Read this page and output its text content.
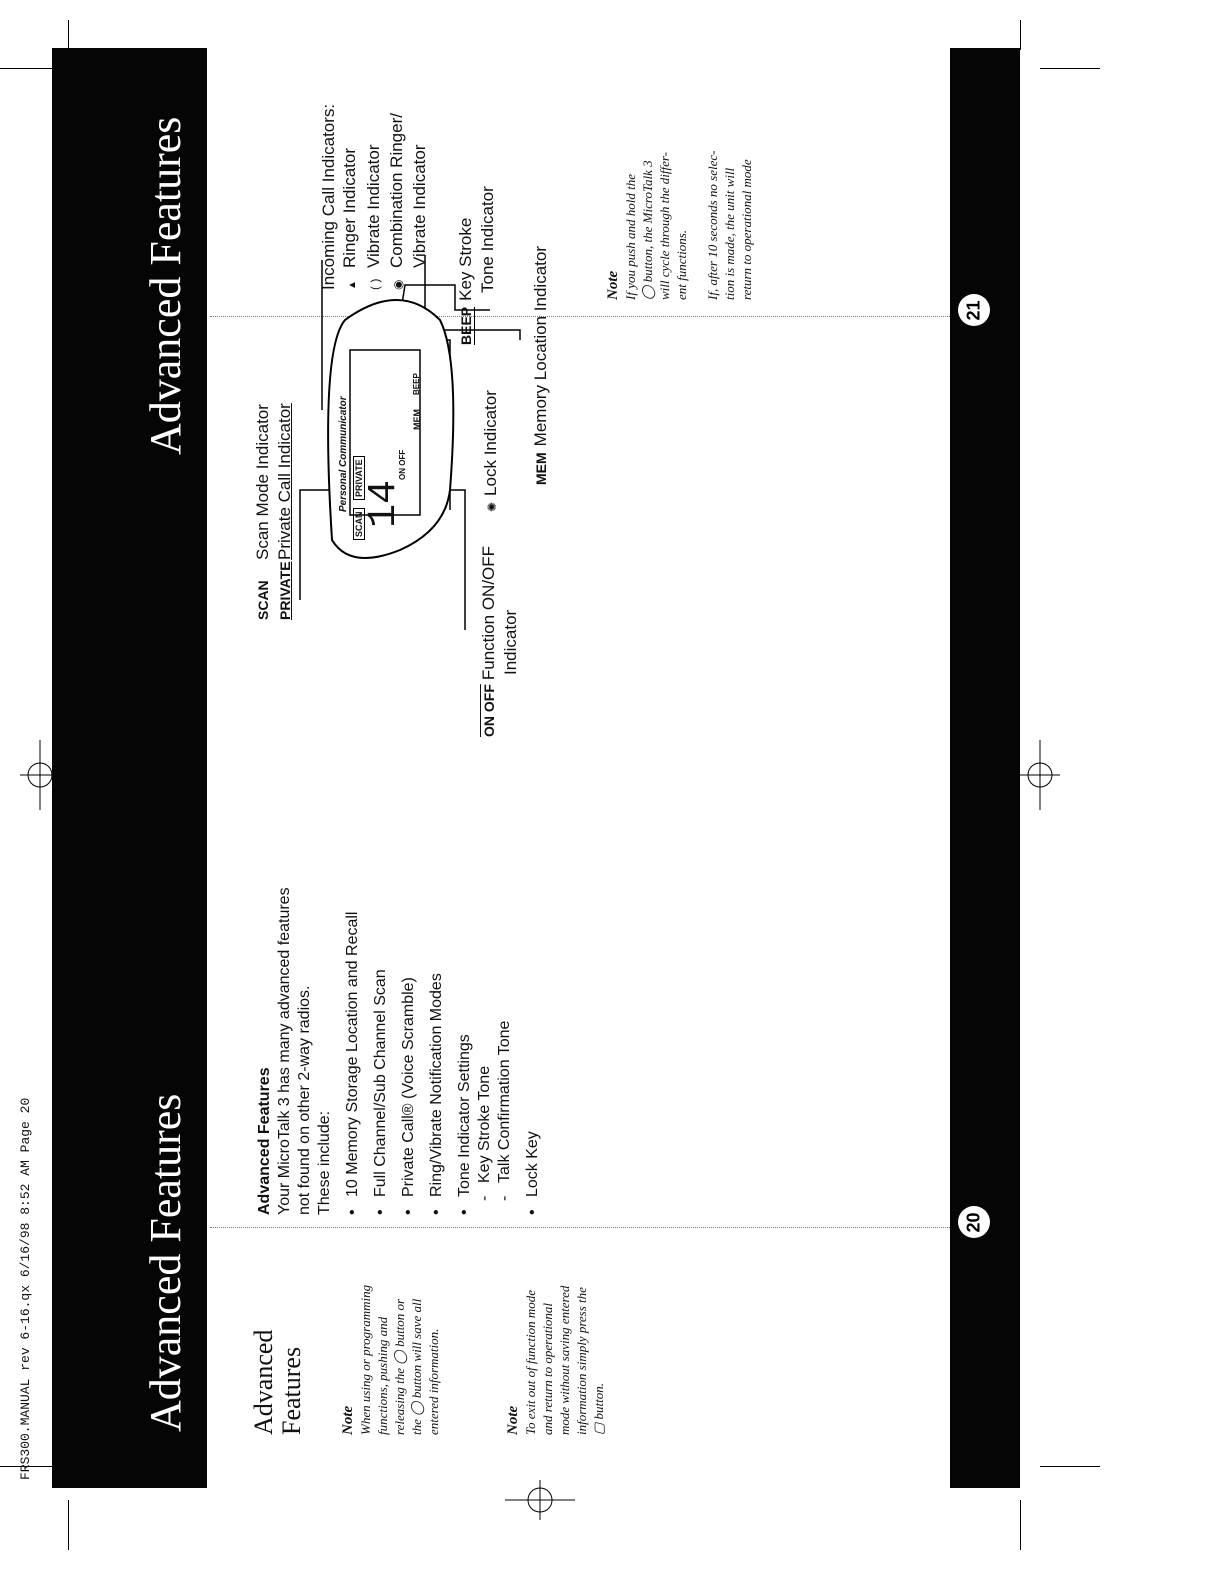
FRS300.MANUAL rev 6-16.qx 6/16/98 8:52 AM Page 20 Advanced Features
Advanced Features
20
21
Advanced Features Note When using or programming functions, pushing and releasing the ◯ button or the ◯ button will save all entered information.	Note To exit out of function mode and return to operational mode without saving entered information simply press the ▢ button.
Advanced Features Your MicroTalk 3 has many advanced features not found on other 2-way radios. These include: •
10 Memory Storage Location and Recall
•
Full Channel/Sub Channel Scan
•
Private Call® (Voice Scramble)
•
Ring/Vibrate Notification Modes
•
Tone Indicator Settings
-
Key Stroke Tone
-
Talk Confirmation Tone
•
Lock Key
Personal Communicator
SCAN
PRIVATE
14
ON OFF
MEM
BEEP
SCANScan Mode Indicator
PRIVATEPrivate Call Indicator
ON OFFFunction ON/OFF Indicator
✺Lock Indicator MEMMemory Location Indicator
BEEPKey Stroke Tone Indicator
Incoming Call Indicators: ▲Ringer Indicator
( )Vibrate Indicator
◉Combination Ringer/ Vibrate Indicator
Note If you push and hold the ◯ button, the MicroTalk 3 will cycle through the differ- ent functions. If, after 10 seconds no selec- tion is made, the unit will return to operational mode
